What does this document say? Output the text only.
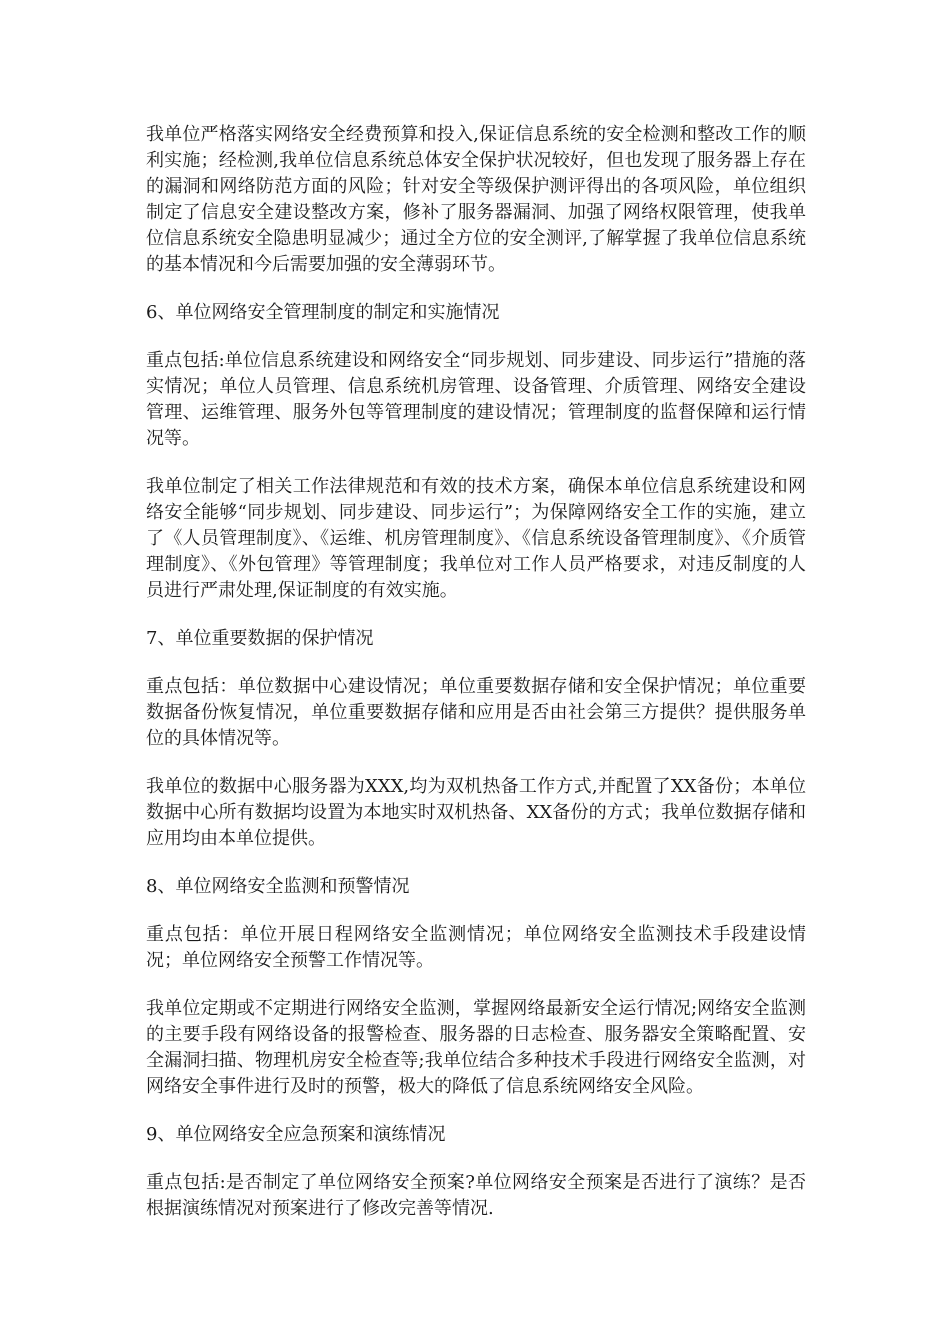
我单位严格落实网络安全经费预算和投入,保证信息系统的安全检测和整改工作的顺利实施；经检测,我单位信息系统总体安全保护状况较好，但也发现了服务器上存在的漏洞和网络防范方面的风险；针对安全等级保护测评得出的各项风险，单位组织制定了信息安全建设整改方案，修补了服务器漏洞、加强了网络权限管理，使我单位信息系统安全隐患明显减少；通过全方位的安全测评,了解掌握了我单位信息系统的基本情况和今后需要加强的安全薄弱环节。

6、单位网络安全管理制度的制定和实施情况

重点包括:单位信息系统建设和网络安全“同步规划、同步建设、同步运行”措施的落实情况；单位人员管理、信息系统机房管理、设备管理、介质管理、网络安全建设管理、运维管理、服务外包等管理制度的建设情况；管理制度的监督保障和运行情况等。

我单位制定了相关工作法律规范和有效的技术方案，确保本单位信息系统建设和网络安全能够“同步规划、同步建设、同步运行”；为保障网络安全工作的实施，建立了《人员管理制度》、《运维、机房管理制度》、《信息系统设备管理制度》、《介质管理制度》、《外包管理》等管理制度；我单位对工作人员严格要求，对违反制度的人员进行严肃处理,保证制度的有效实施。

7、单位重要数据的保护情况

重点包括：单位数据中心建设情况；单位重要数据存储和安全保护情况；单位重要数据备份恢复情况，单位重要数据存储和应用是否由社会第三方提供？提供服务单位的具体情况等。

我单位的数据中心服务器为XXX,均为双机热备工作方式,并配置了XX备份；本单位数据中心所有数据均设置为本地实时双机热备、XX备份的方式；我单位数据存储和应用均由本单位提供。

8、单位网络安全监测和预警情况

重点包括：单位开展日程网络安全监测情况；单位网络安全监测技术手段建设情况；单位网络安全预警工作情况等。

我单位定期或不定期进行网络安全监测，掌握网络最新安全运行情况;网络安全监测的主要手段有网络设备的报警检查、服务器的日志检查、服务器安全策略配置、安全漏洞扫描、物理机房安全检查等;我单位结合多种技术手段进行网络安全监测，对网络安全事件进行及时的预警，极大的降低了信息系统网络安全风险。

9、单位网络安全应急预案和演练情况

重点包括:是否制定了单位网络安全预案?单位网络安全预案是否进行了演练？是否根据演练情况对预案进行了修改完善等情况.
